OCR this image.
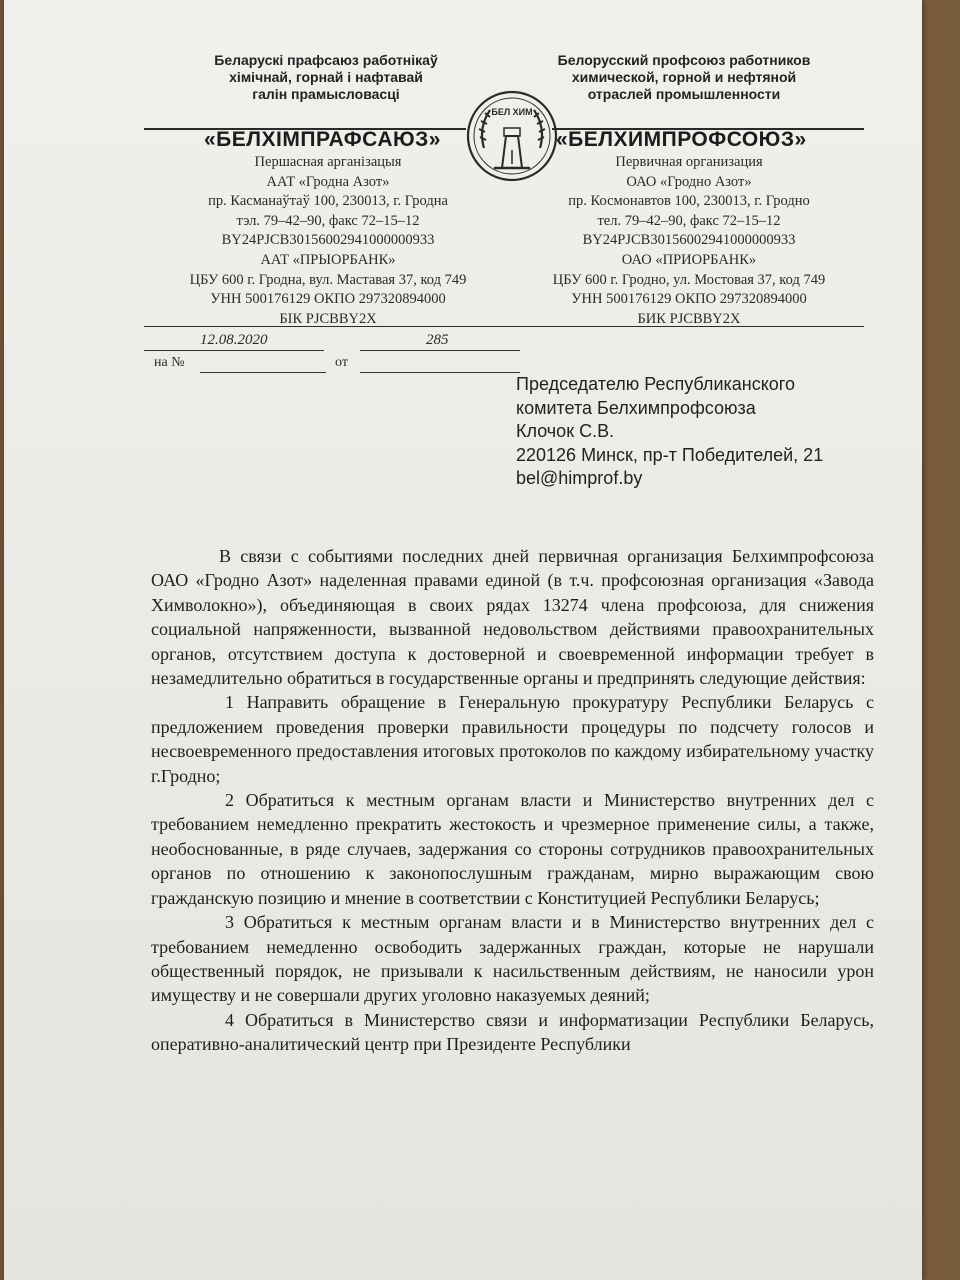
Беларускі прафсаюз работнікаў
хімічнай, горнай і нафтавай
галін прамысловасці
Белорусский профсоюз работников
химической, горной и нефтяной
отраслей промышленности
БЕЛ ХИМ
«БЕЛХІМПРАФСАЮЗ»	«БЕЛХИМПРОФСОЮЗ»
Першасная арганізацыя
ААТ «Гродна Азот»
пр. Касманаўтаў 100, 230013, г. Гродна
тэл. 79–42–90, факс 72–15–12
BY24PJCB30156002941000000933
ААТ «ПРЫОРБАНК»
ЦБУ 600 г. Гродна, вул. Маставая 37, код 749
УНН 500176129 ОКПО 297320894000
БІК PJCBBY2X
Первичная организация
ОАО «Гродно Азот»
пр. Космонавтов 100, 230013, г. Гродно
тел. 79–42–90, факс 72–15–12
BY24PJCB30156002941000000933
ОАО «ПРИОРБАНК»
ЦБУ 600 г. Гродно, ул. Мостовая 37, код 749
УНН 500176129 ОКПО 297320894000
БИК PJCBBY2X
12.08.2020	285
на №	от
Председателю Республиканского
комитета Белхимпрофсоюза
Клочок С.В.
220126 Минск, пр-т Победителей, 21
bel@himprof.by

В связи с событиями последних дней первичная организация Белхимпрофсоюза ОАО «Гродно Азот» наделенная правами единой (в т.ч. профсоюзная организация «Завода Химволокно»), объединяющая в своих рядах 13274 члена профсоюза, для снижения социальной напряженности, вызванной недовольством действиями правоохранительных органов, отсутствием доступа к достоверной и своевременной информации требует в незамедлительно обратиться в государственные органы и предпринять следующие действия:

1 Направить обращение в Генеральную прокуратуру Республики Беларусь с предложением проведения проверки правильности процедуры по подсчету голосов и несвоевременного предоставления итоговых протоколов по каждому избирательному участку г.Гродно;

2 Обратиться к местным органам власти и Министерство внутренних дел с требованием немедленно прекратить жестокость и чрезмерное применение силы, а также, необоснованные, в ряде случаев, задержания со стороны сотрудников правоохранительных органов по отношению к законопослушным гражданам, мирно выражающим свою гражданскую позицию и мнение в соответствии с Конституцией Республики Беларусь;

3 Обратиться к местным органам власти и в Министерство внутренних дел с требованием немедленно освободить задержанных граждан, которые не нарушали общественный порядок, не призывали к насильственным действиям, не наносили урон имуществу и не совершали других уголовно наказуемых деяний;

4 Обратиться в Министерство связи и информатизации Республики Беларусь, оперативно-аналитический центр при Президенте Республики
